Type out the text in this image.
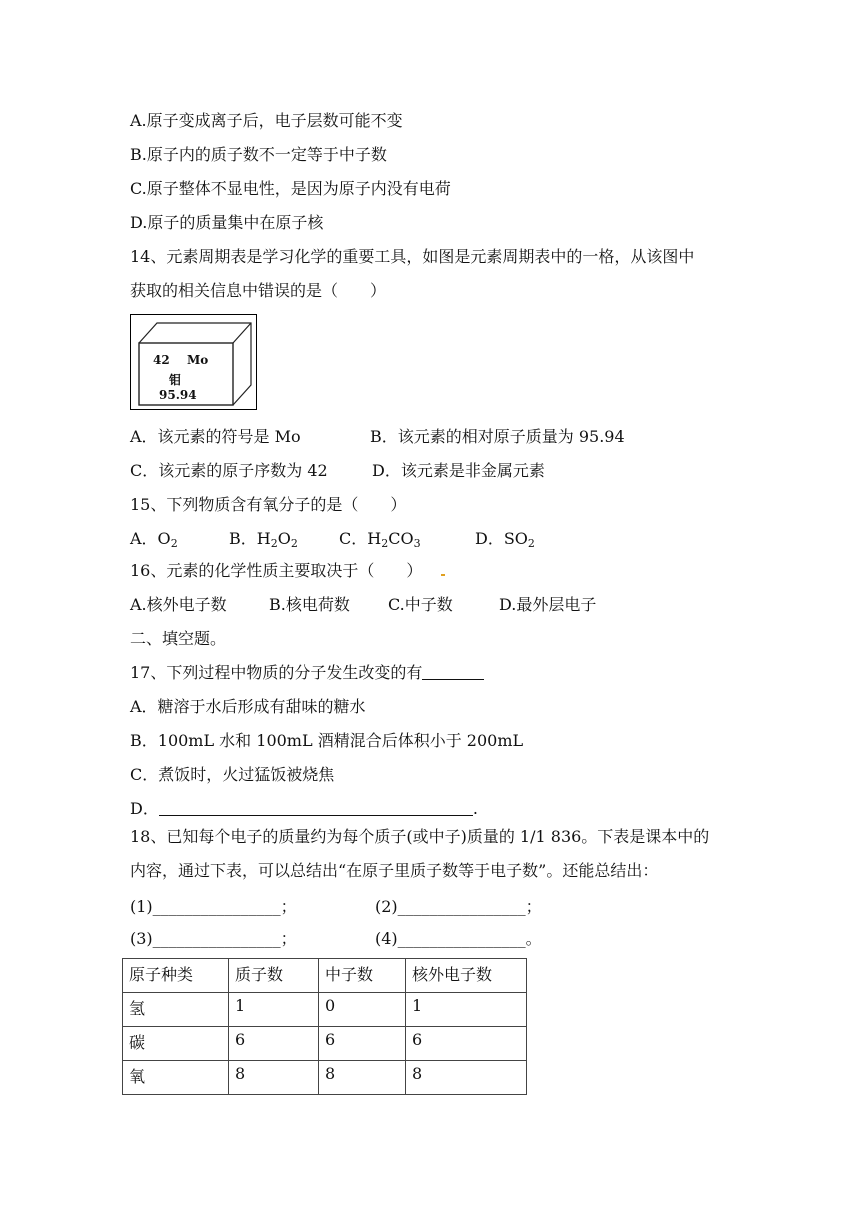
A.原子变成离子后，电子层数可能不变
B.原子内的质子数不一定等于中子数
C.原子整体不显电性，是因为原子内没有电荷
D.原子的质量集中在原子核
14、元素周期表是学习化学的重要工具，如图是元素周期表中的一格，从该图中
获取的相关信息中错误的是（　　）
42 Mo
钼
95.94
A．该元素的符号是 Mo	B．该元素的相对原子质量为 95.94
C．该元素的原子序数为 42	D．该元素是非金属元素
15、下列物质含有氧分子的是（　　）
A．$O_2$	B．$H_2O_2$	C．$H_2CO_3$	D．$SO_2$
16、元素的化学性质主要取决于（　　）
A.核外电子数	B.核电荷数 C.中子数	D.最外层电子
二、填空题。
17、下列过程中物质的分子发生改变的有
A．糖溶于水后形成有甜味的糖水
B．100mL 水和 100mL 酒精混合后体积小于 200mL
C．煮饭时，火过猛饭被烧焦
D．	.
18、已知每个电子的质量约为每个质子(或中子)质量的 1/1 836。下表是课本中的
内容，通过下表，可以总结出“在原子里质子数等于电子数”。还能总结出：
(1)________________；	(2)________________；
(3)________________；	(4)________________。
原子种类	质子数	中子数	核外电子数
氢	1	0	1
碳	6	6	6
氧	8	8	8
